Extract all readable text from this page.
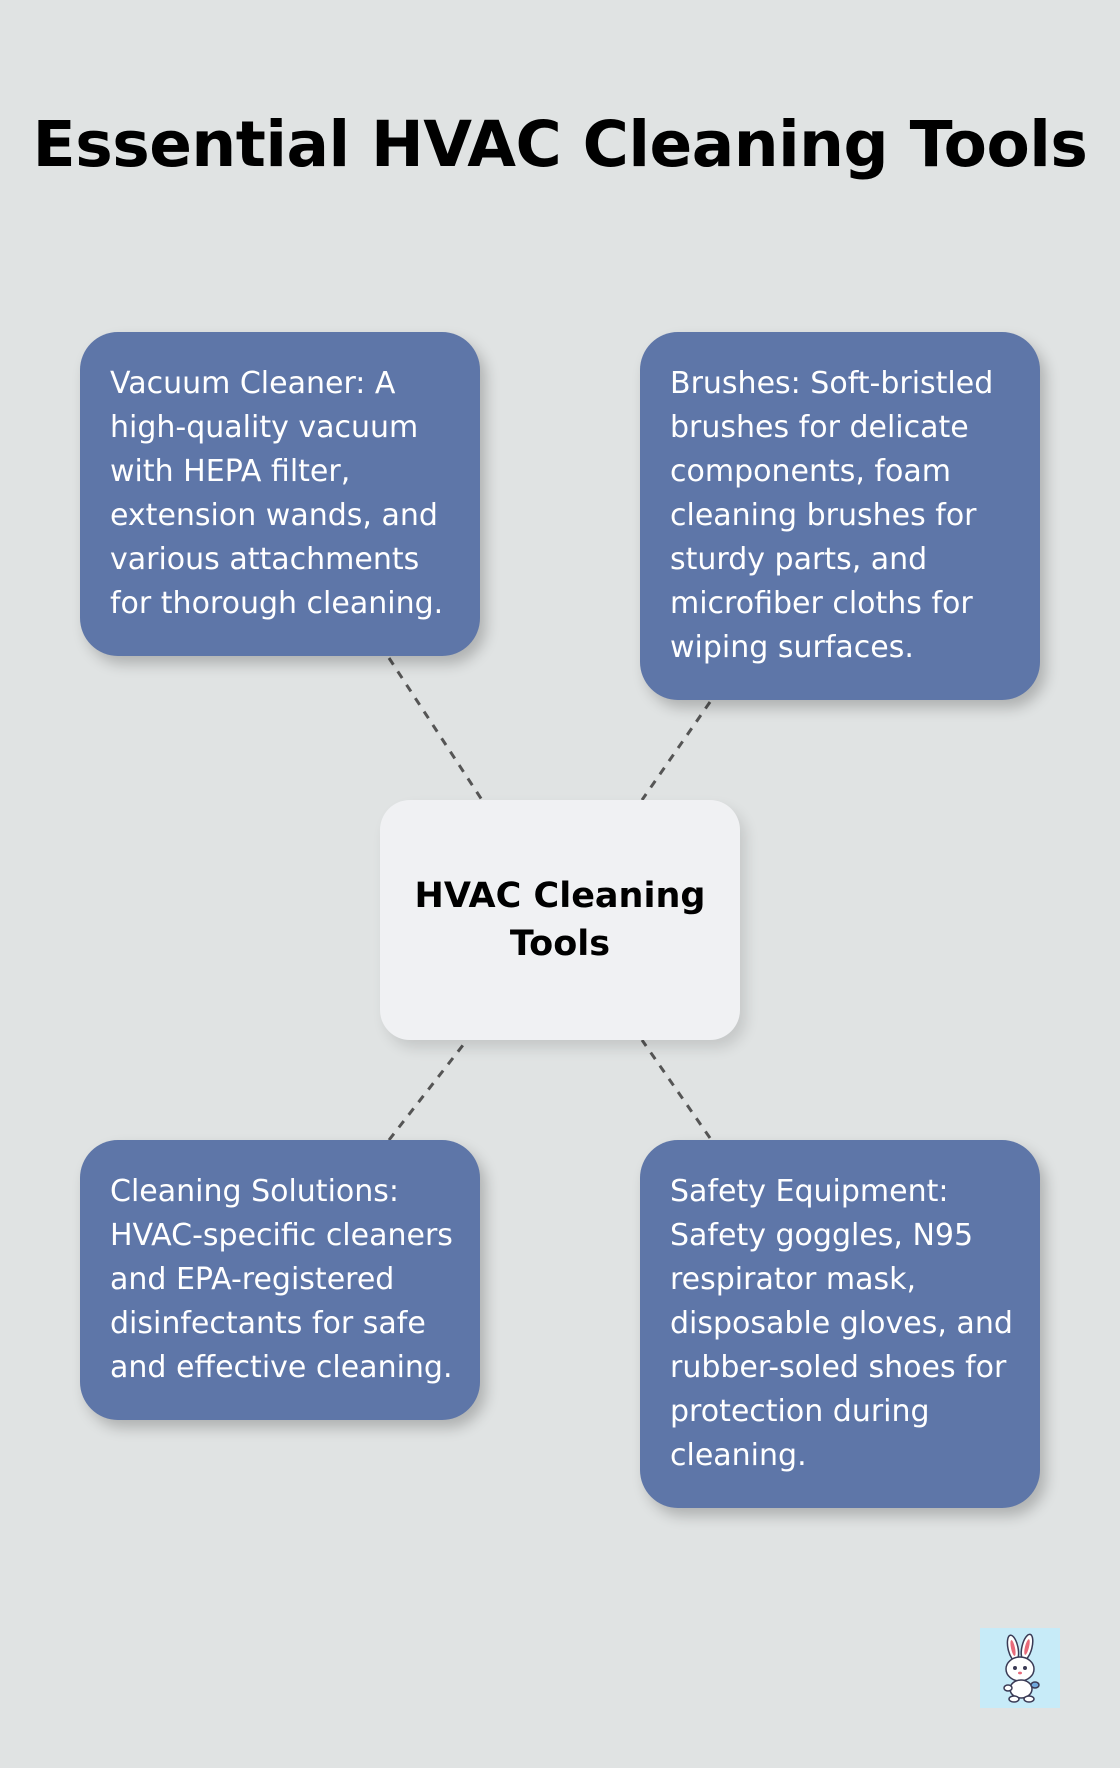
Essential HVAC Cleaning Tools
Vacuum Cleaner: A high-quality vacuum with HEPA filter, extension wands, and various attachments for thorough cleaning.
Brushes: Soft-bristled brushes for delicate components, foam cleaning brushes for sturdy parts, and microfiber cloths for wiping surfaces.
HVAC Cleaning Tools
Cleaning Solutions: HVAC-specific cleaners and EPA-registered disinfectants for safe and effective cleaning.
Safety Equipment: Safety goggles, N95 respirator mask, disposable gloves, and rubber-soled shoes for protection during cleaning.
